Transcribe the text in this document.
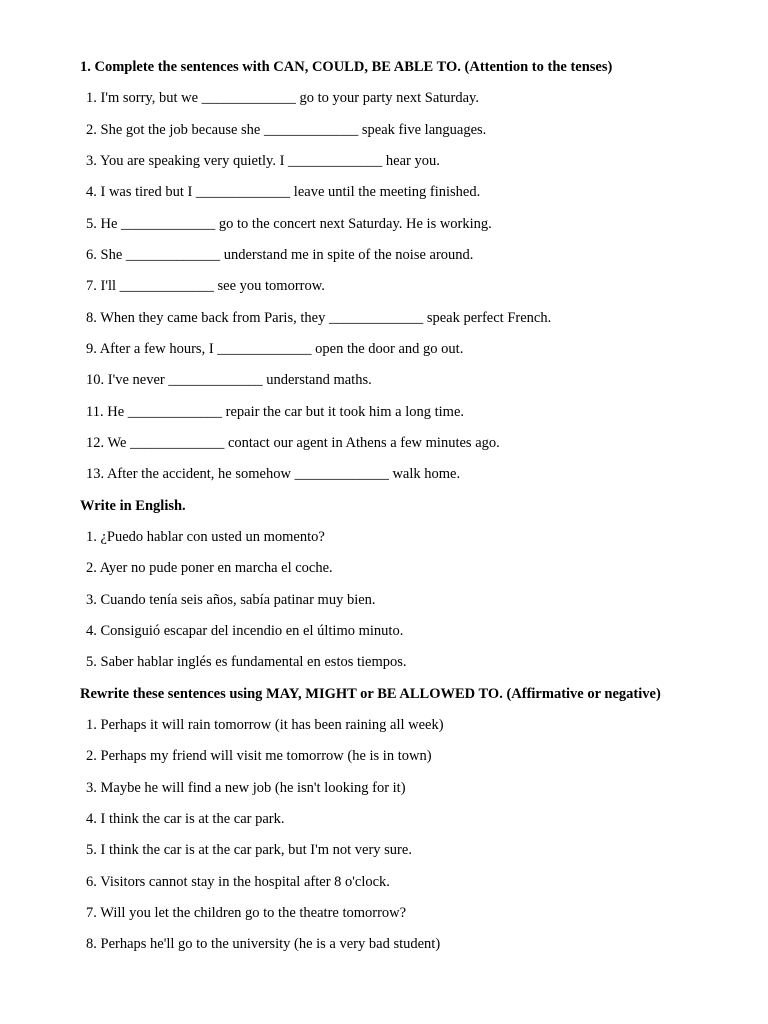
1. Complete the sentences with CAN, COULD, BE ABLE TO. (Attention to the tenses)
1. I'm sorry, but we _____________ go to your party next Saturday.
2. She got the job because she _____________ speak five languages.
3. You are speaking very quietly. I _____________ hear you.
4. I was tired but I _____________ leave until the meeting finished.
5. He _____________ go to the concert next Saturday. He is working.
6. She _____________ understand me in spite of the noise around.
7. I'll _____________ see you tomorrow.
8. When they came back from Paris, they _____________ speak perfect French.
9. After a few hours, I _____________ open the door and go out.
10. I've never _____________ understand maths.
11. He _____________ repair the car but it took him a long time.
12. We _____________ contact our agent in Athens a few minutes ago.
13. After the accident, he somehow _____________ walk home.
Write in English.
1. ¿Puedo hablar con usted un momento?
2. Ayer no pude poner en marcha el coche.
3. Cuando tenía seis años, sabía patinar muy bien.
4. Consiguió escapar del incendio en el último minuto.
5. Saber hablar inglés es fundamental en estos tiempos.
Rewrite these sentences using MAY, MIGHT or BE ALLOWED TO. (Affirmative or negative)
1. Perhaps it will rain tomorrow (it has been raining all week)
2. Perhaps my friend will visit me tomorrow (he is in town)
3. Maybe he will find a new job (he isn't looking for it)
4. I think the car is at the car park.
5. I think the car is at the car park, but I'm not very sure.
6. Visitors cannot stay in the hospital after 8 o'clock.
7. Will you let the children go to the theatre tomorrow?
8. Perhaps he'll go to the university (he is a very bad student)
